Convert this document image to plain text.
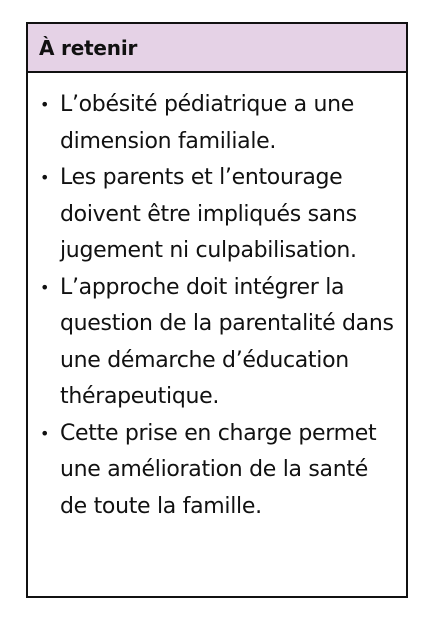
À retenir
• L’obésité pédiatrique a une dimension familiale.
• Les parents et l’entourage doivent être impliqués sans jugement ni culpabilisation.
• L’approche doit intégrer la question de la parentalité dans une démarche d’éducation thérapeutique.
• Cette prise en charge permet une amélioration de la santé de toute la famille.
